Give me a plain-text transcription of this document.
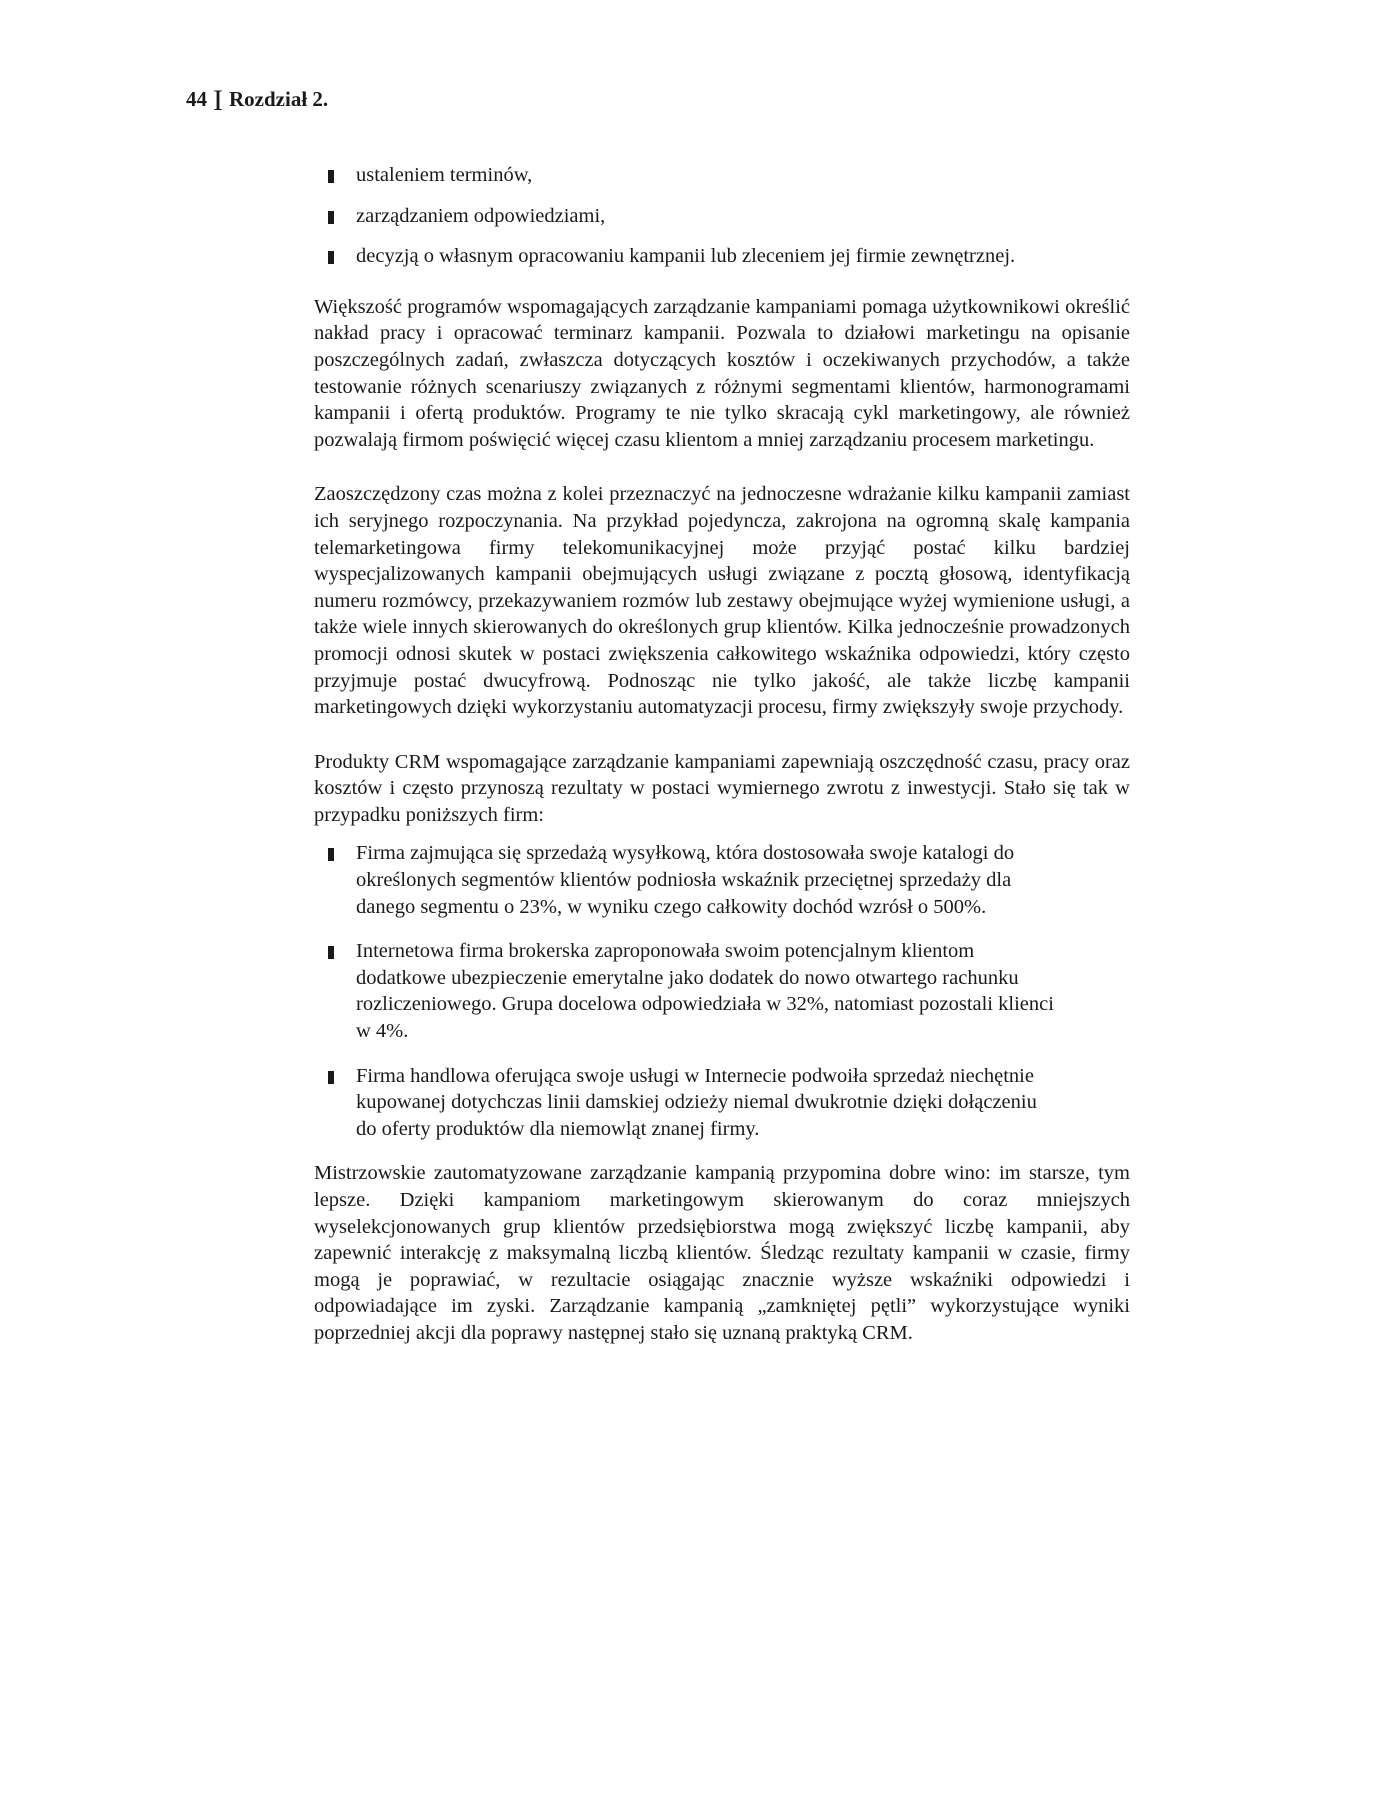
44 I Rozdział 2.
ustaleniem terminów,
zarządzaniem odpowiedziami,
decyzją o własnym opracowaniu kampanii lub zleceniem jej firmie zewnętrznej.

Większość programów wspomagających zarządzanie kampaniami pomaga użytkownikowi określić nakład pracy i opracować terminarz kampanii. Pozwala to działowi marketingu na opisanie poszczególnych zadań, zwłaszcza dotyczących kosztów i oczekiwanych przychodów, a także testowanie różnych scenariuszy związanych z różnymi segmentami klientów, harmonogramami kampanii i ofertą produktów. Programy te nie tylko skracają cykl marketingowy, ale również pozwalają firmom poświęcić więcej czasu klientom a mniej zarządzaniu procesem marketingu.

Zaoszczędzony czas można z kolei przeznaczyć na jednoczesne wdrażanie kilku kampanii zamiast ich seryjnego rozpoczynania. Na przykład pojedyncza, zakrojona na ogromną skalę kampania telemarketingowa firmy telekomunikacyjnej może przyjąć postać kilku bardziej wyspecjalizowanych kampanii obejmujących usługi związane z pocztą głosową, identyfikacją numeru rozmówcy, przekazywaniem rozmów lub zestawy obejmujące wyżej wymienione usługi, a także wiele innych skierowanych do określonych grup klientów. Kilka jednocześnie prowadzonych promocji odnosi skutek w postaci zwiększenia całkowitego wskaźnika odpowiedzi, który często przyjmuje postać dwucyfrową. Podnosząc nie tylko jakość, ale także liczbę kampanii marketingowych dzięki wykorzystaniu automatyzacji procesu, firmy zwiększyły swoje przychody.

Produkty CRM wspomagające zarządzanie kampaniami zapewniają oszczędność czasu, pracy oraz kosztów i często przynoszą rezultaty w postaci wymiernego zwrotu z inwestycji. Stało się tak w przypadku poniższych firm:

Firma zajmująca się sprzedażą wysyłkową, która dostosowała swoje katalogi do określonych segmentów klientów podniosła wskaźnik przeciętnej sprzedaży dla danego segmentu o 23%, w wyniku czego całkowity dochód wzrósł o 500%.
Internetowa firma brokerska zaproponowała swoim potencjalnym klientom dodatkowe ubezpieczenie emerytalne jako dodatek do nowo otwartego rachunku rozliczeniowego. Grupa docelowa odpowiedziała w 32%, natomiast pozostali klienci w 4%.
Firma handlowa oferująca swoje usługi w Internecie podwoiła sprzedaż niechętnie kupowanej dotychczas linii damskiej odzieży niemal dwukrotnie dzięki dołączeniu do oferty produktów dla niemowląt znanej firmy.

Mistrzowskie zautomatyzowane zarządzanie kampanią przypomina dobre wino: im starsze, tym lepsze. Dzięki kampaniom marketingowym skierowanym do coraz mniejszych wyselekcjonowanych grup klientów przedsiębiorstwa mogą zwiększyć liczbę kampanii, aby zapewnić interakcję z maksymalną liczbą klientów. Śledząc rezultaty kampanii w czasie, firmy mogą je poprawiać, w rezultacie osiągając znacznie wyższe wskaźniki odpowiedzi i odpowiadające im zyski. Zarządzanie kampanią „zamkniętej pętli” wykorzystujące wyniki poprzedniej akcji dla poprawy następnej stało się uznaną praktyką CRM.
